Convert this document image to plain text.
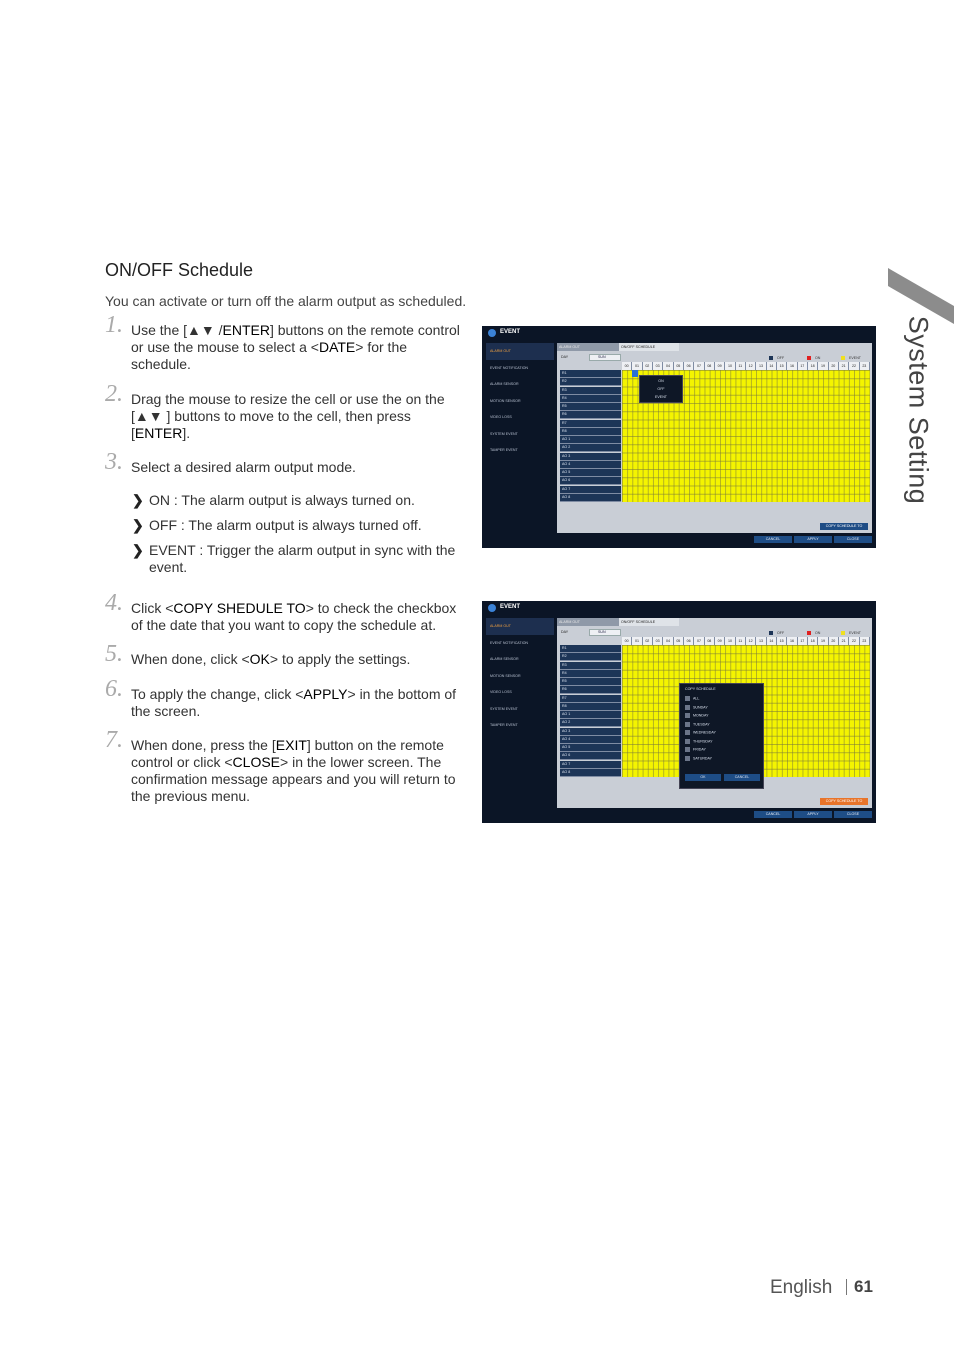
System Setting
ON/OFF Schedule
You can activate or turn off the alarm output as scheduled.
1. Use the [▲▼ /ENTER] buttons on the remote control or use the mouse to select a <DATE> for the schedule.
2. Drag the mouse to resize the cell or use the on the [▲▼ ] buttons to move to the cell, then press [ENTER].
3. Select a desired alarm output mode.
4. Click <COPY SHEDULE TO> to check the checkbox of the date that you want to copy the schedule at.
5. When done, click <OK> to apply the settings.
6. To apply the change, click <APPLY> in the bottom of the screen.
7. When done, press the [EXIT] button on the remote control or click <CLOSE> in the lower screen. The confirmation message appears and you will return to the previous menu.
❯ ON : The alarm output is always turned on.
❯ OFF : The alarm output is always turned off.
❯ EVENT : Trigger the alarm output in sync with the event.
EVENT
ALARM OUT
EVENT NOTIFICATION
ALARM SENSOR
MOTION SENSOR
VIDEO LOSS
SYSTEM EVENT
TAMPER EVENT
ALARM OUT	ON/OFF SCHEDULE
DAY	SUN	OFF	ON	EVENT
00	01	02	03	04	05	06	07	08	09	10	11	12	13	14	15	16	17	18	19	20	21	22	23
R1
R2
R3
R4
R5
R6
R7
R8
AO 1
AO 2
AO 3
AO 4
AO 5
AO 6
AO 7
AO 8
ON
OFF
EVENT
COPY SCHEDULE TO
CANCEL	APPLY	CLOSE
EVENT
ALARM OUT
EVENT NOTIFICATION
ALARM SENSOR
MOTION SENSOR
VIDEO LOSS
SYSTEM EVENT
TAMPER EVENT
ALARM OUT	ON/OFF SCHEDULE
DAY	SUN	OFF	ON	EVENT
00	01	02	03	04	05	06	07	08	09	10	11	12	13	14	15	16	17	18	19	20	21	22	23
R1
R2
R3
R4
R5
R6
R7
R8
AO 1
AO 2
AO 3
AO 4
AO 5
AO 6
AO 7
AO 8
COPY SCHEDULE TO
COPY SCHEDULE
ALL
SUNDAY
MONDAY
TUESDAY
WEDNESDAY
THURSDAY
FRIDAY
SATURDAY
OK	CANCEL
CANCEL	APPLY	CLOSE
English 61
